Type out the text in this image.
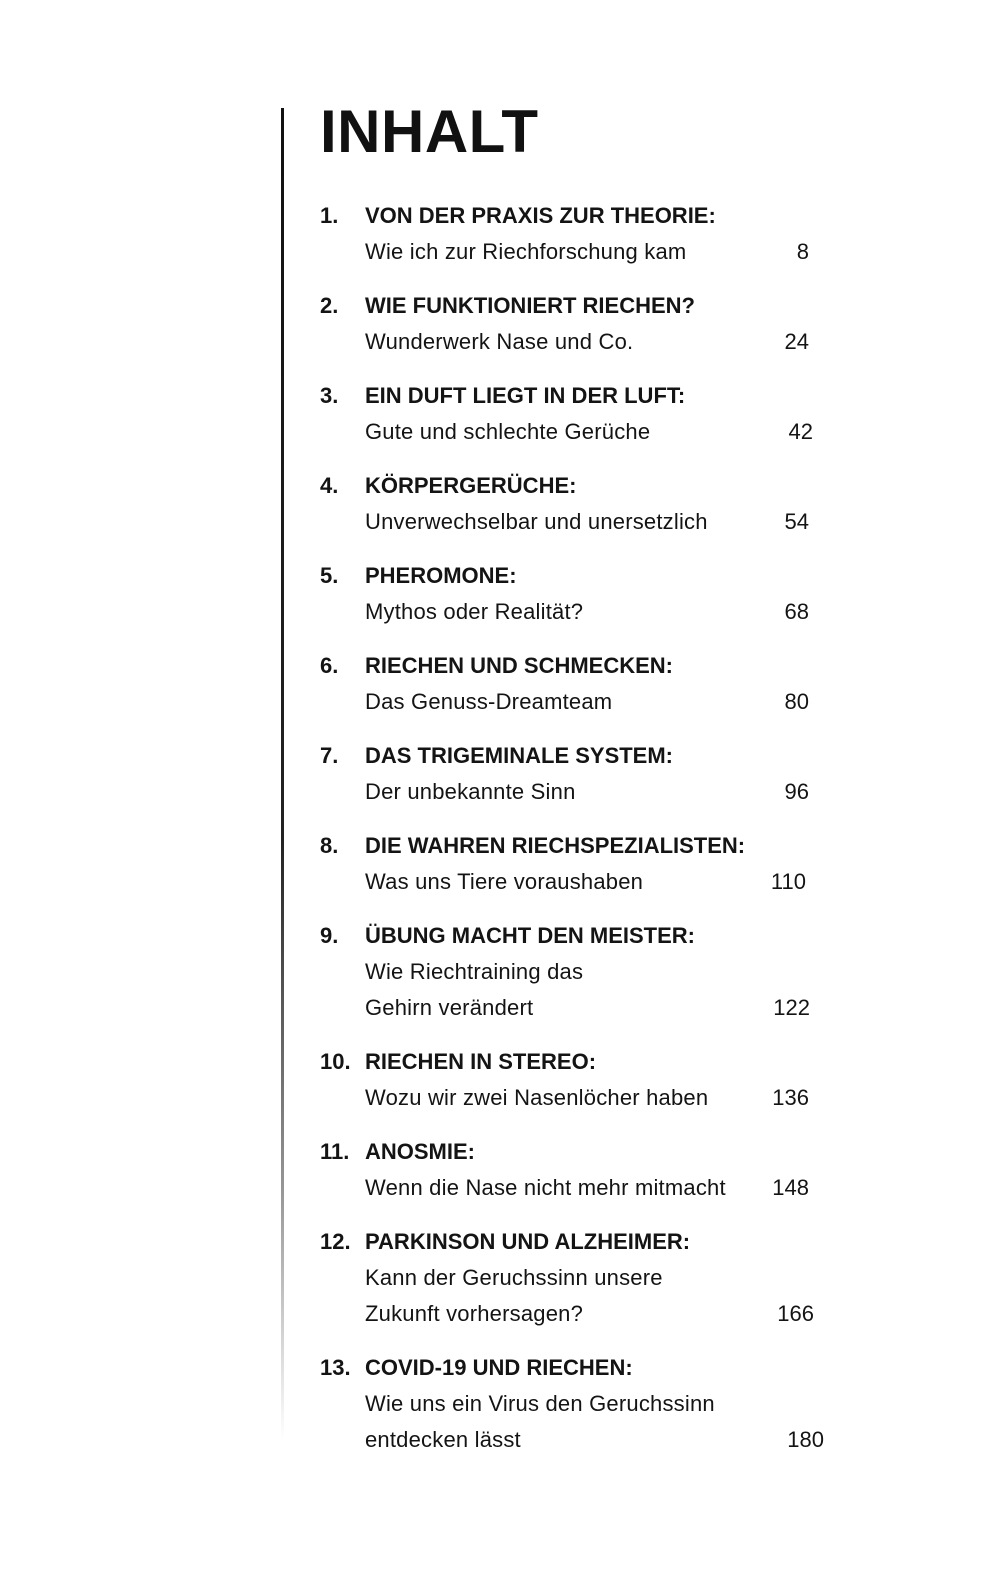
INHALT
1. VON DER PRAXIS ZUR THEORIE:
Wie ich zur Riechforschung kam	8
2. WIE FUNKTIONIERT RIECHEN?
Wunderwerk Nase und Co.	24
3. EIN DUFT LIEGT IN DER LUFT:
Gute und schlechte Gerüche	42
4. KÖRPERGERÜCHE:
Unverwechselbar und unersetzlich	54
5. PHEROMONE:
Mythos oder Realität?	68
6. RIECHEN UND SCHMECKEN:
Das Genuss-Dreamteam	80
7. DAS TRIGEMINALE SYSTEM:
Der unbekannte Sinn	96
8. DIE WAHREN RIECHSPEZIALISTEN:
Was uns Tiere voraushaben	110
9. ÜBUNG MACHT DEN MEISTER:
Wie Riechtraining das
Gehirn verändert	122
10. RIECHEN IN STEREO:
Wozu wir zwei Nasenlöcher haben	136
11. ANOSMIE:
Wenn die Nase nicht mehr mitmacht 148
12. PARKINSON UND ALZHEIMER:
Kann der Geruchssinn unsere
Zukunft vorhersagen?	166
13. COVID-19 UND RIECHEN:
Wie uns ein Virus den Geruchssinn
entdecken lässt	180
